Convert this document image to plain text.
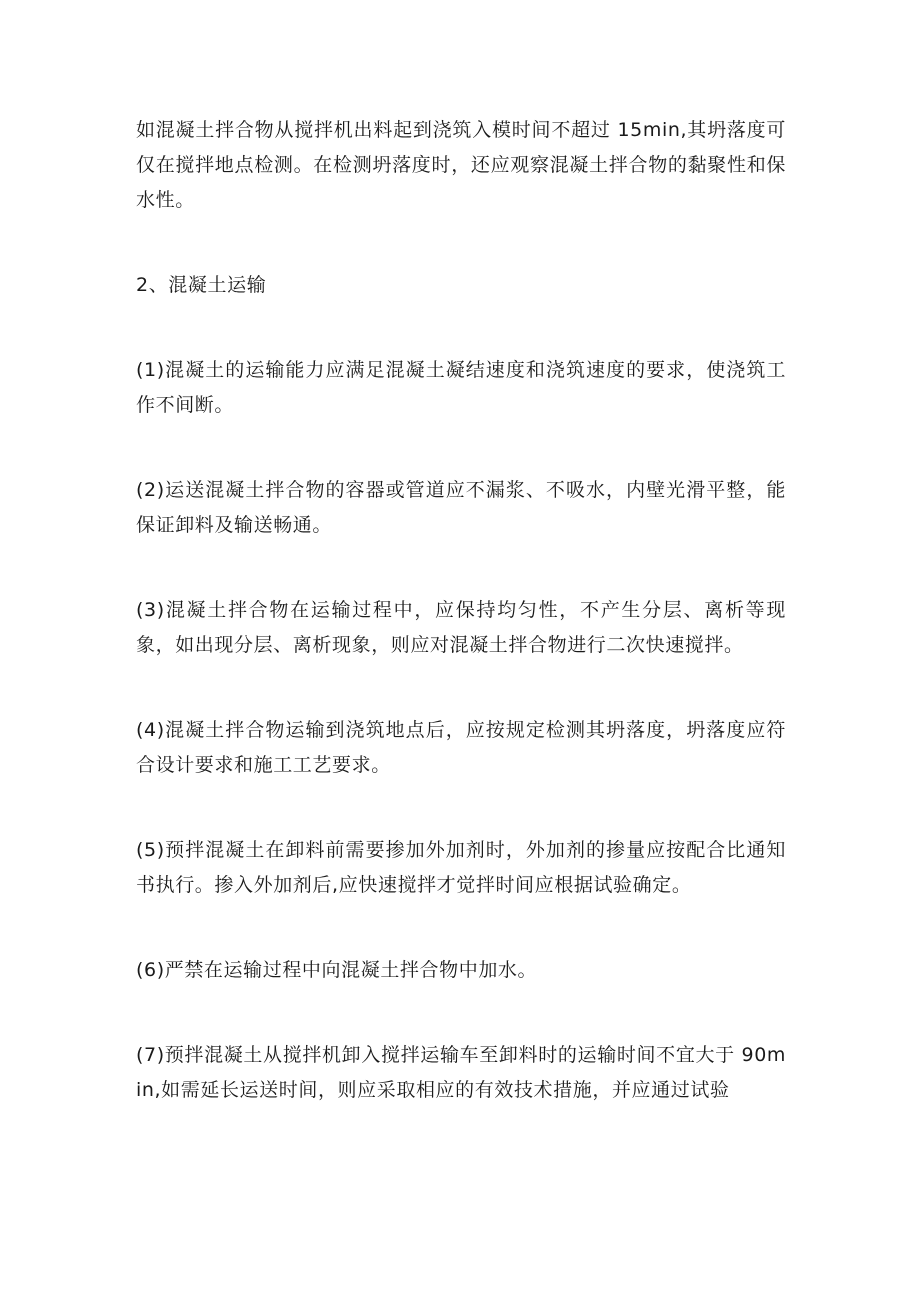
如混凝土拌合物从搅拌机出料起到浇筑入模时间不超过 15min,其坍落度可仅在搅拌地点检测。在检测坍落度时，还应观察混凝土拌合物的黏聚性和保水性。

2、混凝土运输

(1)混凝土的运输能力应满足混凝土凝结速度和浇筑速度的要求，使浇筑工作不间断。

(2)运送混凝土拌合物的容器或管道应不漏浆、不吸水，内壁光滑平整，能保证卸料及输送畅通。

(3)混凝土拌合物在运输过程中，应保持均匀性，不产生分层、离析等现象，如出现分层、离析现象，则应对混凝土拌合物进行二次快速搅拌。

(4)混凝土拌合物运输到浇筑地点后，应按规定检测其坍落度，坍落度应符合设计要求和施工工艺要求。

(5)预拌混凝土在卸料前需要掺加外加剂时，外加剂的掺量应按配合比通知书执行。掺入外加剂后,应快速搅拌才觉拌时间应根据试验确定。

(6)严禁在运输过程中向混凝土拌合物中加水。

(7)预拌混凝土从搅拌机卸入搅拌运输车至卸料时的运输时间不宜大于 90min,如需延长运送时间，则应采取相应的有效技术措施，并应通过试验
